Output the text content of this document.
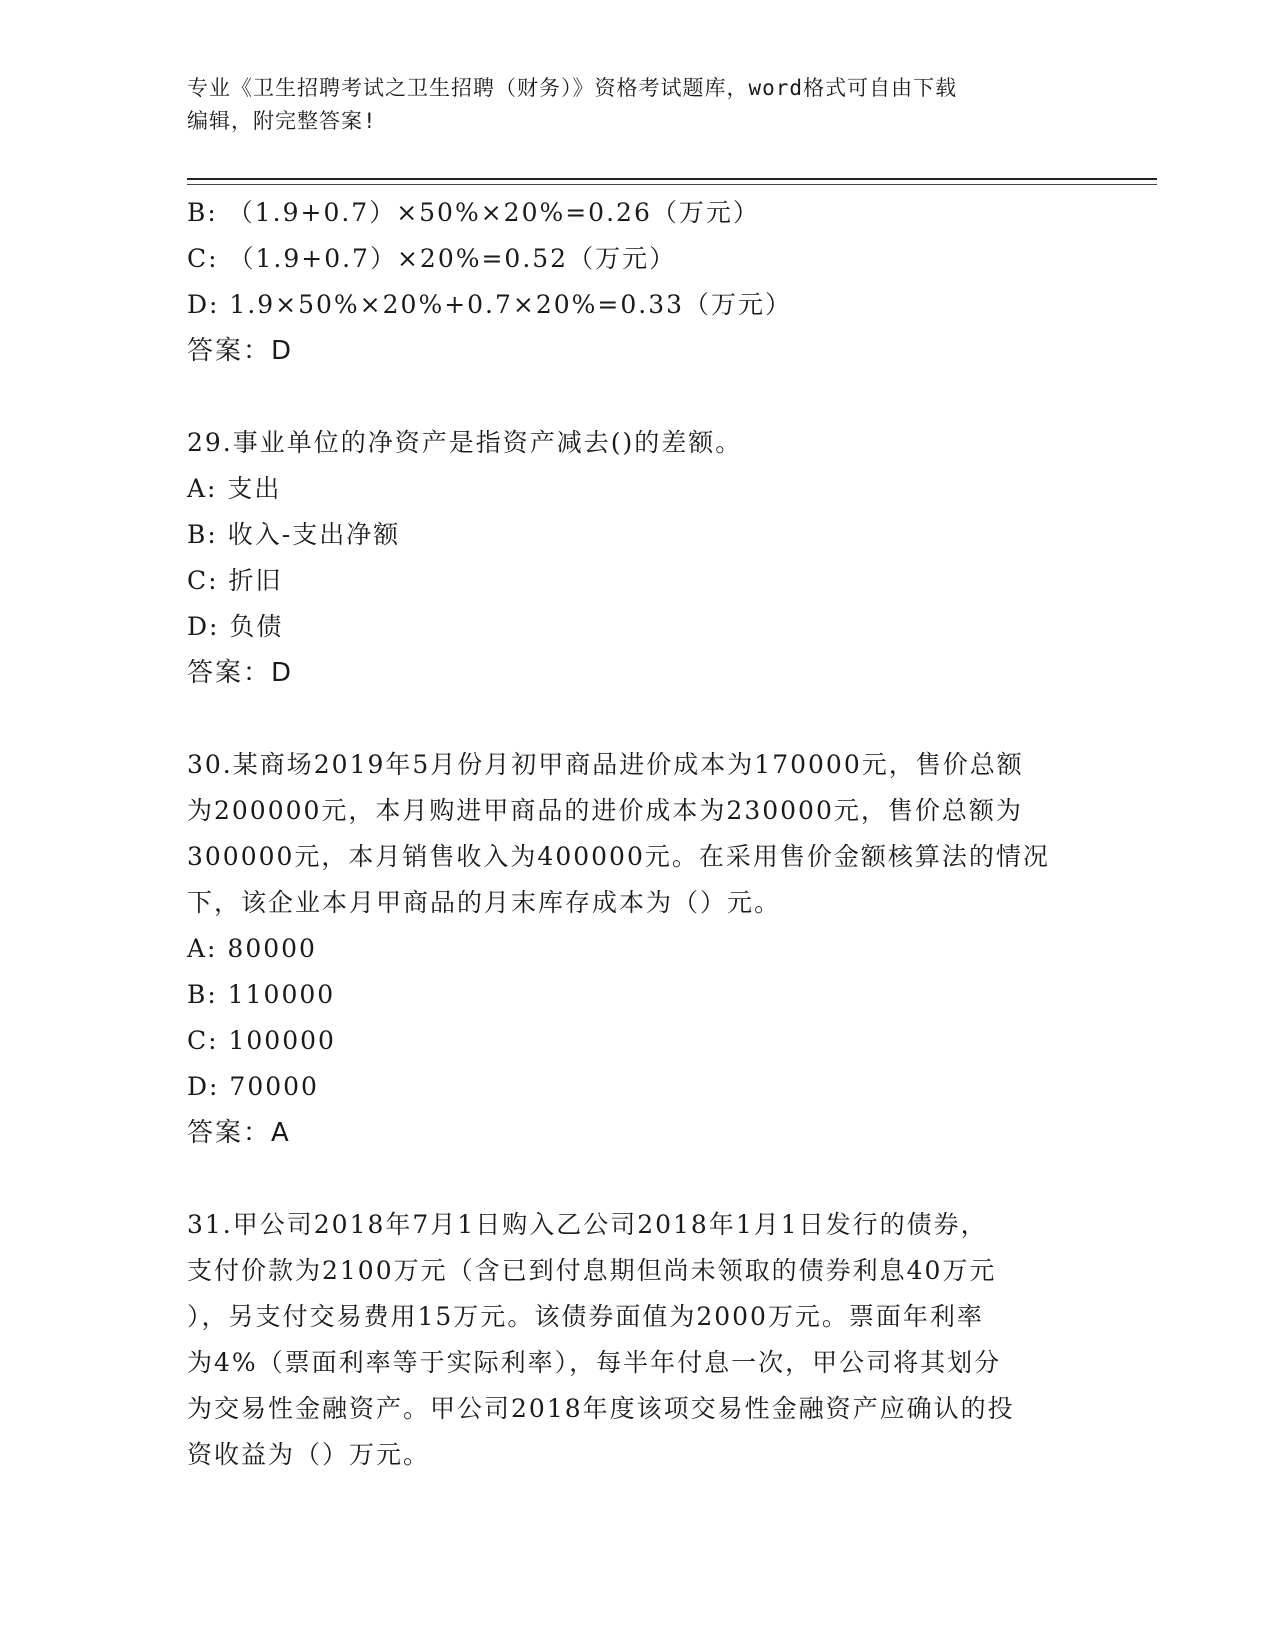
专业《卫生招聘考试之卫生招聘（财务）》资格考试题库，word格式可自由下载
编辑，附完整答案!
B: （1.9+0.7）×50%×20%=0.26（万元）
C: （1.9+0.7）×20%=0.52（万元）
D: 1.9×50%×20%+0.7×20%=0.33（万元）
答案：D
29.事业单位的净资产是指资产减去()的差额。
A: 支出
B: 收入-支出净额
C: 折旧
D: 负债
答案：D
30.某商场2019年5月份月初甲商品进价成本为170000元，售价总额
为200000元，本月购进甲商品的进价成本为230000元，售价总额为
300000元，本月销售收入为400000元。在采用售价金额核算法的情况
下，该企业本月甲商品的月末库存成本为（）元。
A: 80000
B: 110000
C: 100000
D: 70000
答案：A
31.甲公司2018年7月1日购入乙公司2018年1月1日发行的债券，
支付价款为2100万元（含已到付息期但尚未领取的债券利息40万元
），另支付交易费用15万元。该债券面值为2000万元。票面年利率
为4%（票面利率等于实际利率），每半年付息一次，甲公司将其划分
为交易性金融资产。甲公司2018年度该项交易性金融资产应确认的投
资收益为（）万元。
